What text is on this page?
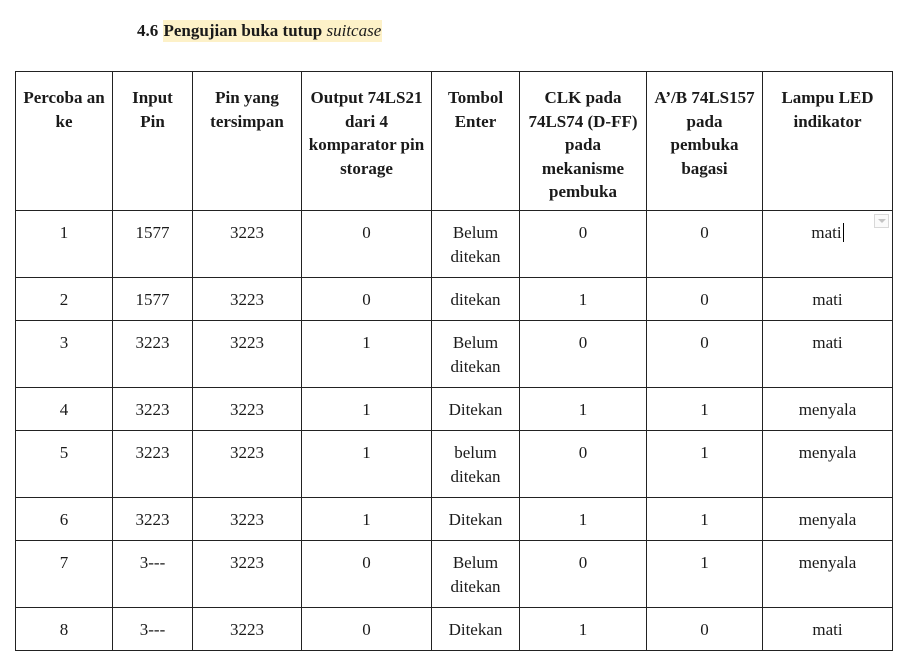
4.6 Pengujian buka tutup suitcase
Percoba an ke	Input Pin	Pin yang tersimpan	Output 74LS21 dari 4 komparator pin storage	Tombol Enter	CLK pada 74LS74 (D-FF) pada mekanisme pembuka	A’/B 74LS157 pada pembuka bagasi	Lampu LED indikator
1	1577	3223	0	Belum ditekan	0	0	mati

2	1577	3223	0	ditekan	1	0	mati
3	3223	3223	1	Belum ditekan	0	0	mati
4	3223	3223	1	Ditekan	1	1	menyala
5	3223	3223	1	belum ditekan	0	1	menyala
6	3223	3223	1	Ditekan	1	1	menyala
7	3---	3223	0	Belum ditekan	0	1	menyala
8	3---	3223	0	Ditekan	1	0	mati
